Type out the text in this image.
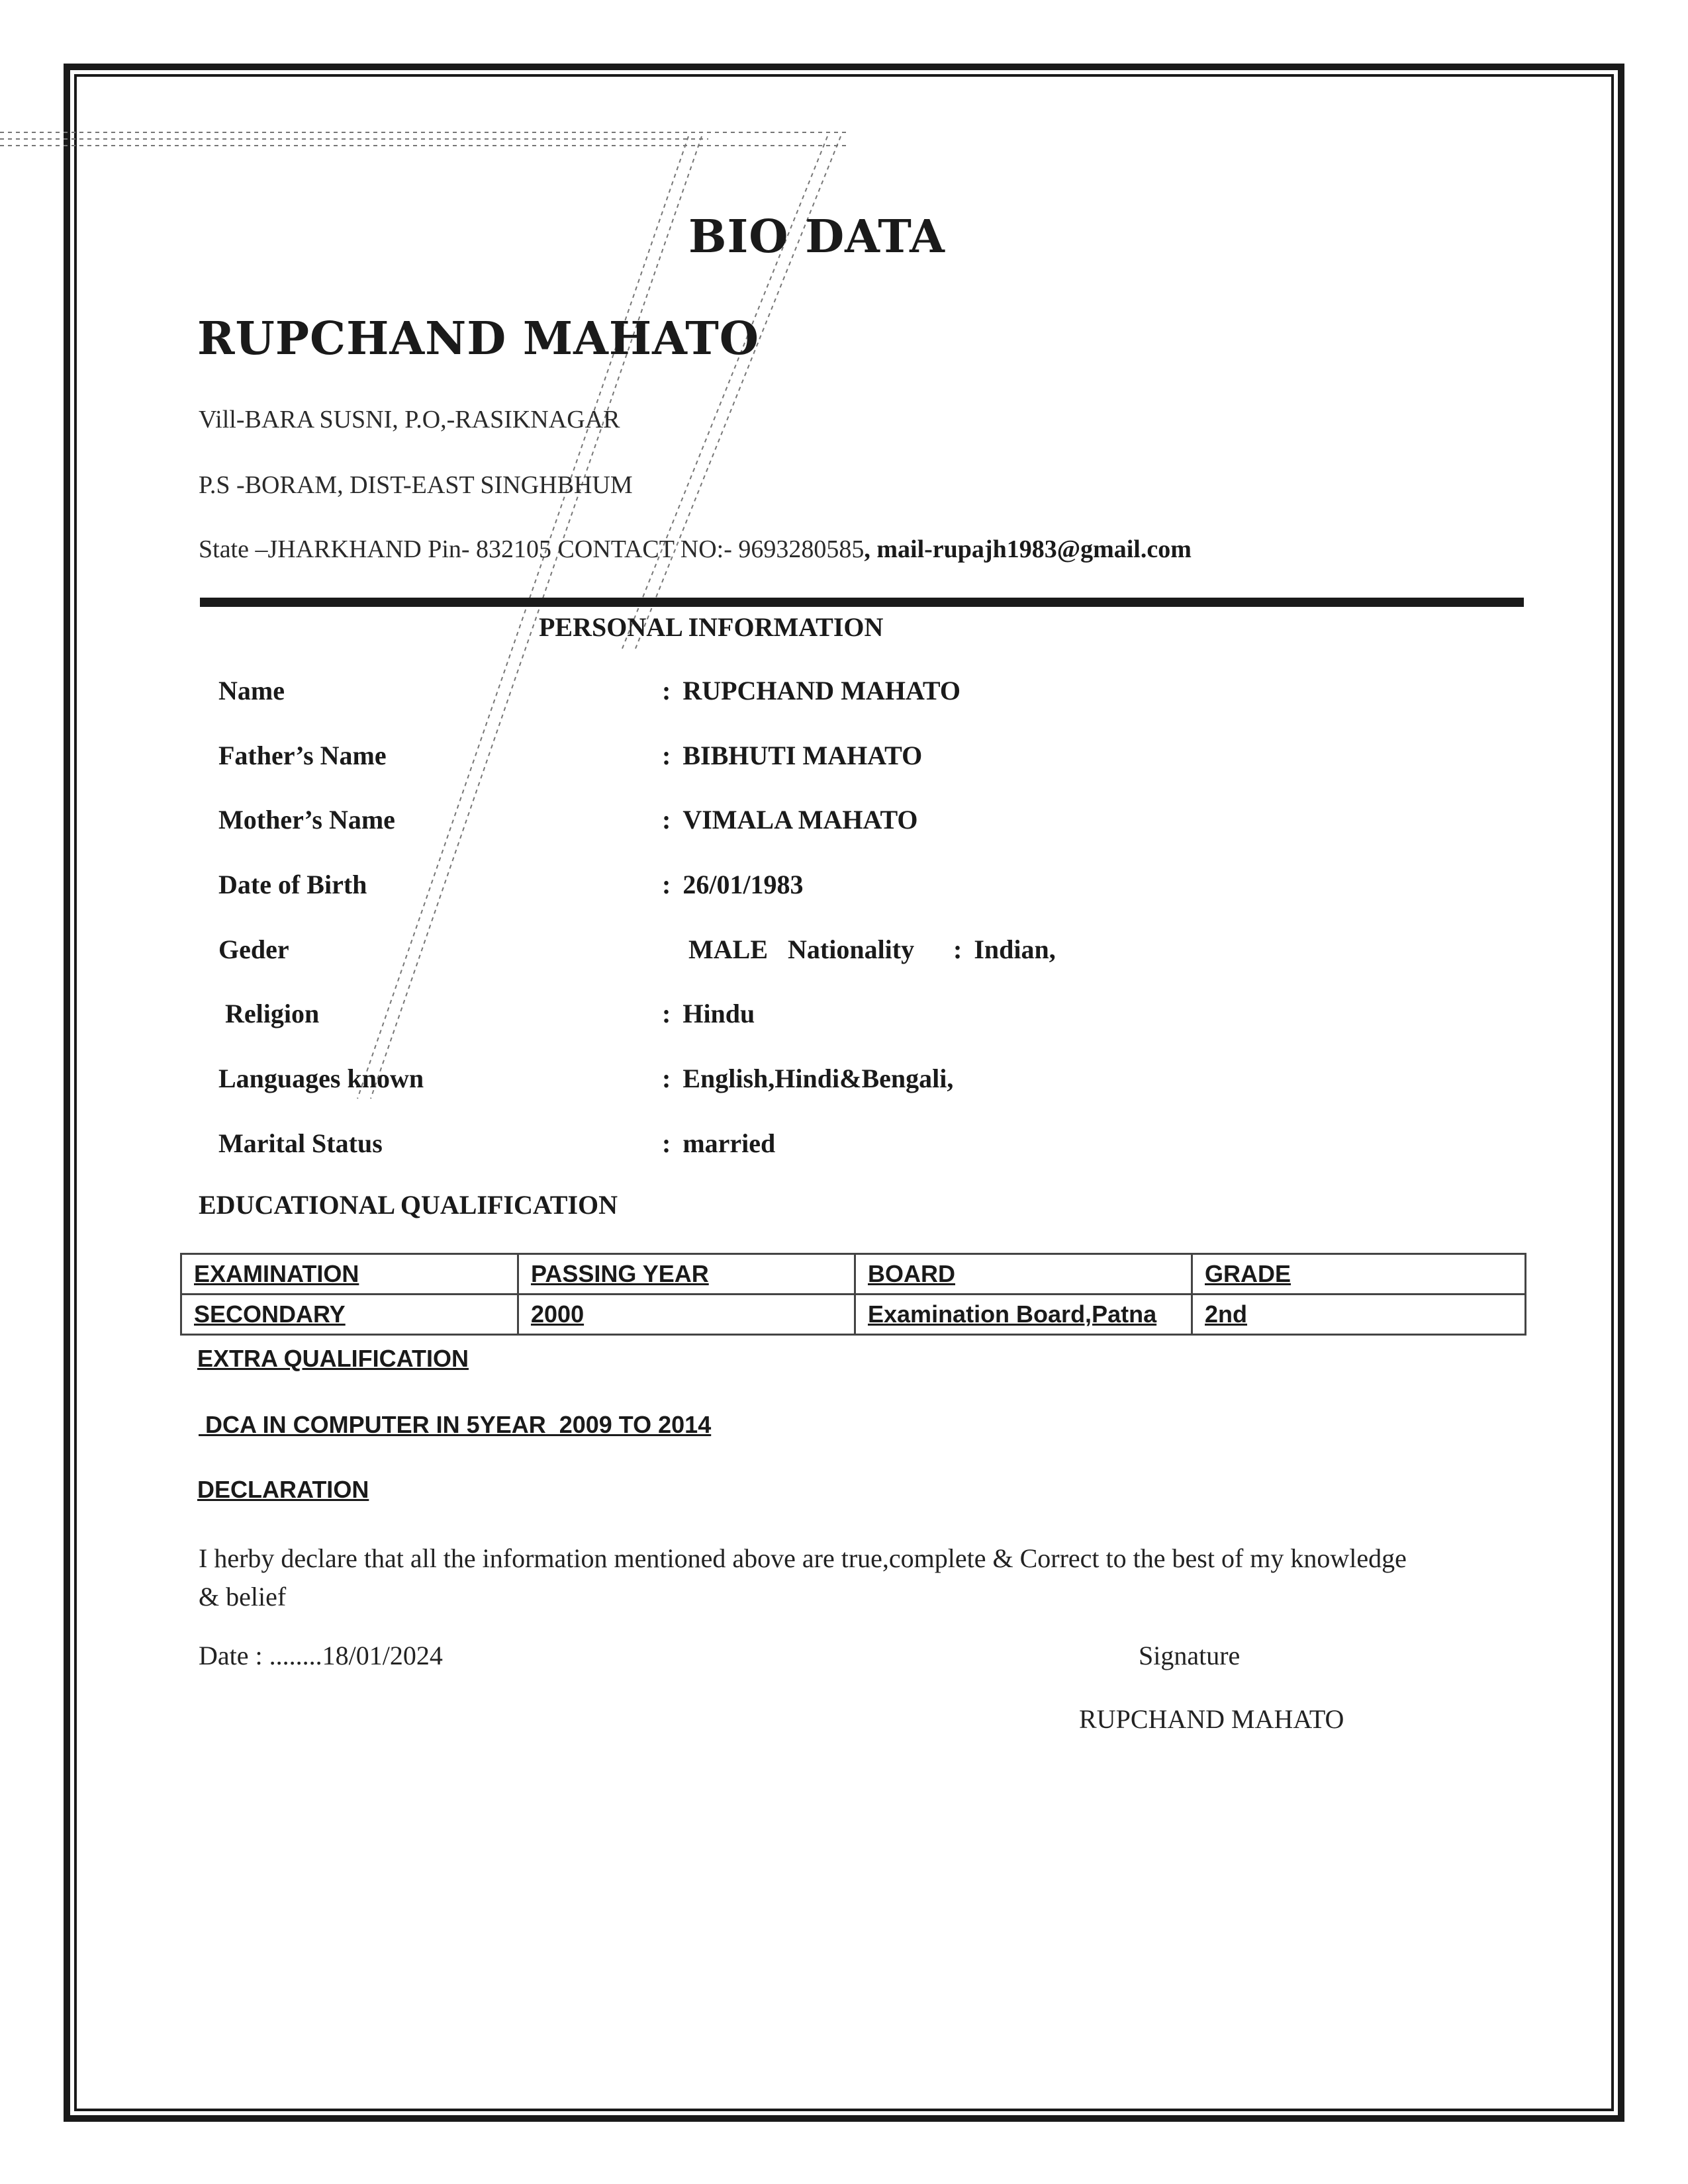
BIO DATA
RUPCHAND MAHATO
Vill-BARA SUSNI, P.O,-RASIKNAGAR
P.S -BORAM, DIST-EAST SINGHBHUM
State –JHARKHAND Pin- 832105 CONTACT NO:- 9693280585, mail-rupajh1983@gmail.com
PERSONAL INFORMATION
Name	: RUPCHAND MAHATO
Father’s Name	: BIBHUTI MAHATO
Mother’s Name	: VIMALA MAHATO
Date of Birth	: 26/01/1983
Geder	MALE Nationality : Indian,
Religion	: Hindu
Languages known	: English,Hindi&Bengali,
Marital Status	: married
EDUCATIONAL QUALIFICATION
EXAMINATION	PASSING YEAR	BOARD	GRADE
SECONDARY	2000	Examination Board,Patna	2nd
EXTRA QUALIFICATION
DCA IN COMPUTER IN 5YEAR  2009 TO 2014
DECLARATION
I herby declare that all the information mentioned above are true,complete & Correct to the best of my knowledge & belief
Date : ........18/01/2024	Signature
RUPCHAND MAHATO
